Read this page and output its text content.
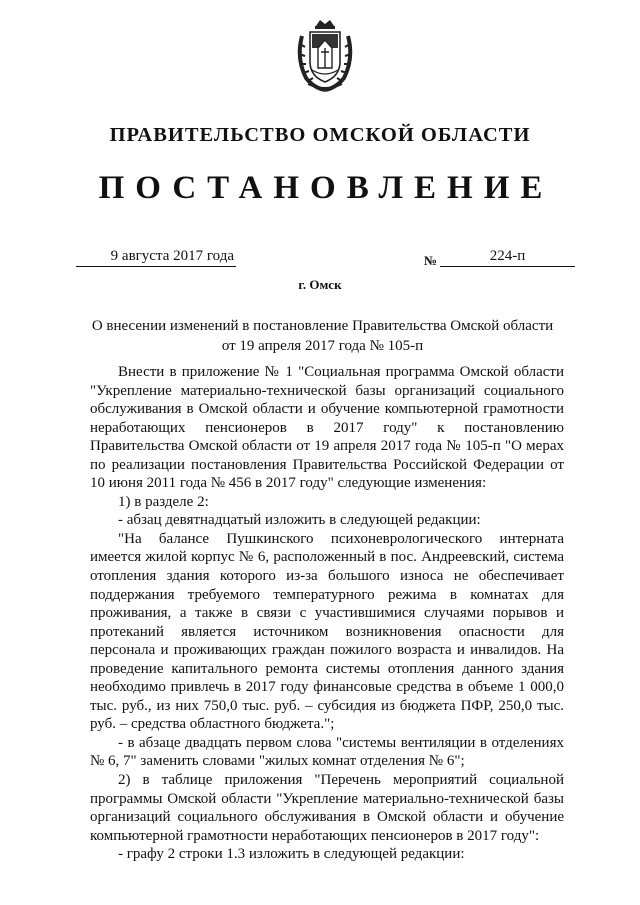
ПРАВИТЕЛЬСТВО ОМСКОЙ ОБЛАСТИ
ПОСТАНОВЛЕНИЕ
9 августа 2017 года	№	224-п
г. Омск
О внесении изменений в постановление Правительства Омской области от 19 апреля 2017 года № 105-п

Внести в приложение № 1 "Социальная программа Омской области "Укрепление материально-технической базы организаций социального обслуживания в Омской области и обучение компьютерной грамотности неработающих пенсионеров в 2017 году" к постановлению Правительства Омской области от 19 апреля 2017 года № 105-п "О мерах по реализации постановления Правительства Российской Федерации от 10 июня 2011 года № 456 в 2017 году" следующие изменения:

1) в разделе 2:

- абзац девятнадцатый изложить в следующей редакции:

"На балансе Пушкинского психоневрологического интерната имеется жилой корпус № 6, расположенный в пос. Андреевский, система отопления здания которого из-за большого износа не обеспечивает поддержания требуемого температурного режима в комнатах для проживания, а также в связи с участившимися случаями порывов и протеканий является источником возникновения опасности для персонала и проживающих граждан пожилого возраста и инвалидов. На проведение капитального ремонта системы отопления данного здания необходимо привлечь в 2017 году финансовые средства в объеме 1 000,0 тыс. руб., из них 750,0 тыс. руб. – субсидия из бюджета ПФР, 250,0 тыс. руб. – средства областного бюджета.";

- в абзаце двадцать первом слова "системы вентиляции в отделениях № 6, 7" заменить словами "жилых комнат отделения № 6";

2) в таблице приложения "Перечень мероприятий социальной программы Омской области "Укрепление материально-технической базы организаций социального обслуживания в Омской области и обучение компьютерной грамотности неработающих пенсионеров в 2017 году":

- графу 2 строки 1.3 изложить в следующей редакции:
